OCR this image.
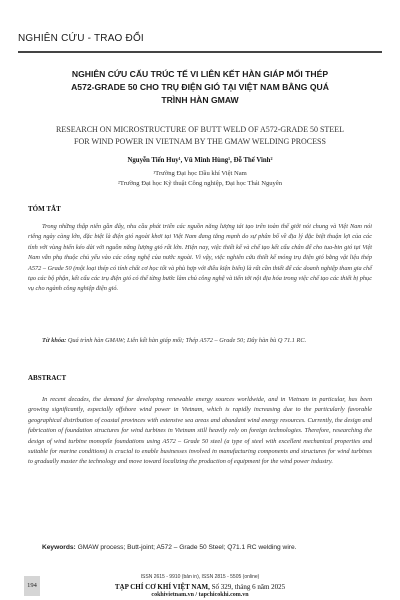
NGHIÊN CỨU - TRAO ĐỔI
NGHIÊN CỨU CẤU TRÚC TẾ VI LIÊN KẾT HÀN GIÁP MỐI THÉP
A572-GRADE 50 CHO TRỤ ĐIỆN GIÓ TẠI VIỆT NAM BẰNG QUÁ
TRÌNH HÀN GMAW
RESEARCH ON MICROSTRUCTURE OF BUTT WELD OF A572-GRADE 50 STEEL
FOR WIND POWER IN VIETNAM BY THE GMAW WELDING PROCESS
Nguyễn Tiến Huy¹, Vũ Minh Hùng¹, Đỗ Thế Vinh²
¹Trường Đại học Dầu khí Việt Nam
²Trường Đại học Kỹ thuật Công nghiệp, Đại học Thái Nguyên
TÓM TẮT
Trong những thập niên gần đây, nhu cầu phát triển các nguồn năng lượng tái tạo trên toàn thế giới nói chung và Việt Nam nói riêng ngày càng lớn, đặc biệt là điện gió ngoài khơi tại Việt Nam đang tăng mạnh do sự phân bố về địa lý đặc biệt thuận lợi của các tỉnh với vùng biển kéo dài với nguồn năng lượng gió rất lớn. Hiện nay, việc thiết kế và chế tạo kết cấu chân đế cho tua-bin gió tại Việt Nam vẫn phụ thuộc chủ yếu vào các công nghệ của nước ngoài. Vì vậy, việc nghiên cứu thiết kế móng trụ điện gió bằng vật liệu thép A572 – Grade 50 (một loại thép có tính chất cơ học tốt và phù hợp với điều kiện biển) là rất cần thiết để các doanh nghiệp tham gia chế tạo các bộ phận, kết cấu các trụ điện gió có thể từng bước làm chủ công nghệ và tiến tới nội địa hóa trong việc chế tạo các thiết bị phục vụ cho ngành công nghiệp điện gió.
Từ khóa: Quá trình hàn GMAW; Liên kết hàn giáp mối; Thép A572 – Grade 50; Dây hàn bù Q 71.1 RC.
ABSTRACT
In recent decades, the demand for developing renewable energy sources worldwide, and in Vietnam in particular, has been growing significantly, especially offshore wind power in Vietnam, which is rapidly increasing due to the particularly favorable geographical distribution of coastal provinces with extensive sea areas and abundant wind energy resources. Currently, the design and fabrication of foundation structures for wind turbines in Vietnam still heavily rely on foreign technologies. Therefore, researching the design of wind turbine monopile foundations using A572 – Grade 50 steel (a type of steel with excellent mechanical properties and suitable for marine conditions) is crucial to enable businesses involved in manufacturing components and structures for wind turbines to gradually master the technology and move toward localizing the production of equipment for the wind power industry.
Keywords: GMAW process; Butt-joint; A572 – Grade 50 Steel; Q71.1 RC welding wire.
ISSN 2615 - 9910 (bản in), ISSN 2815 - 5505 (online)
194	TẠP CHÍ CƠ KHÍ VIỆT NAM, Số 329, tháng 6 năm 2025
cokhivietnam.vn / tapchicokhi.com.vn
